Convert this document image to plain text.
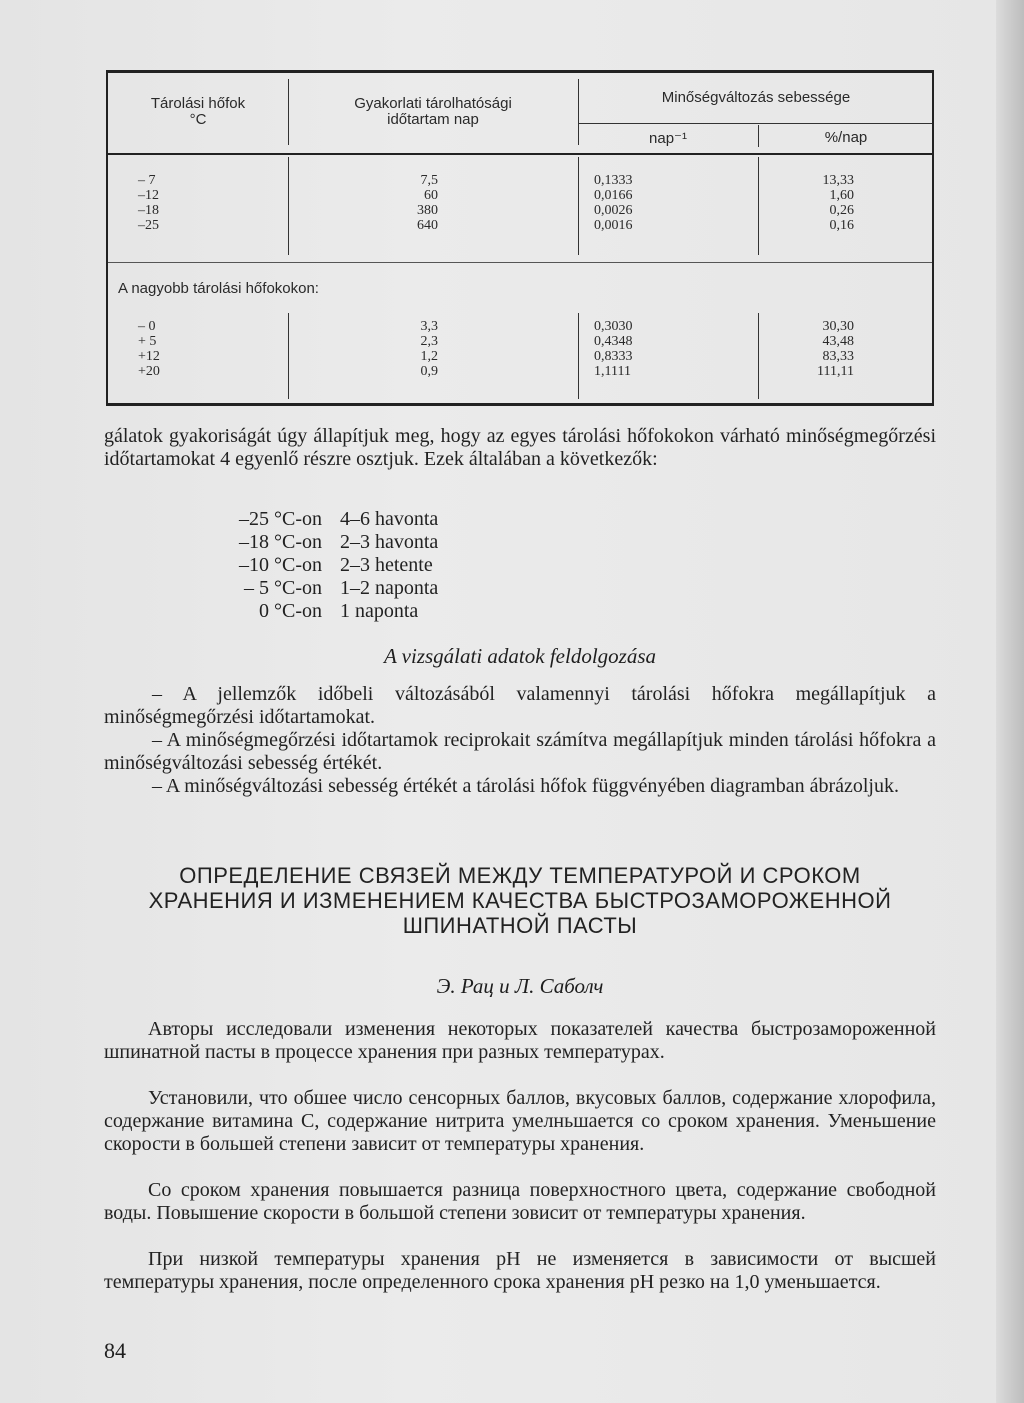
Tárolási hőfok
°C
Gyakorlati tárolhatósági
időtartam nap
Minőségváltozás sebessége
nap⁻¹	%/nap
– 7
–12
–18
–25
7,5
60
380
640
0,1333
0,0166
0,0026
0,0016
13,33
1,60
0,26
0,16
A nagyobb tárolási hőfokokon:
– 0
+ 5
+12
+20
3,3
2,3
1,2
0,9
0,3030
0,4348
0,8333
1,1111
30,30
43,48
83,33
111,11
gálatok gyakoriságát úgy állapítjuk meg, hogy az egyes tárolási hőfokokon várható minőségmegőrzési időtartamokat 4 egyenlő részre osztjuk. Ezek általában a következők:
–25 °C-on 4–6 havonta
–18 °C-on 2–3 havonta
–10 °C-on 2–3 hetente
– 5 °C-on 1–2 naponta
0 °C-on 1 naponta
A vizsgálati adatok feldolgozása
– A jellemzők időbeli változásából valamennyi tárolási hőfokra megállapítjuk a minőségmegőrzési időtartamokat.
– A minőségmegőrzési időtartamok reciprokait számítva megállapítjuk minden tárolási hőfokra a minőségváltozási sebesség értékét.
– A minőségváltozási sebesség értékét a tárolási hőfok függvényében diagramban ábrázoljuk.
ОПРЕДЕЛЕНИЕ СВЯЗЕЙ МЕЖДУ ТЕМПЕРАТУРОЙ И СРОКОМ
ХРАНЕНИЯ И ИЗМЕНЕНИЕМ КАЧЕСТВА БЫСТРОЗАМОРОЖЕННОЙ
ШПИНАТНОЙ ПАСТЫ
Э. Рац и Л. Саболч
Авторы исследовали изменения некоторых показателей качества быстрозамороженной шпинатной пасты в процессе хранения при разных температурах.
Установили, что обшее число сенсорных баллов, вкусовых баллов, содержание хлорофила, содержание витамина С, содержание нитрита умелньшается со сроком хранения. Уменьшение скорости в большей степени зависит от температуры хранения.
Со сроком хранения повышается разница поверхностного цвета, содержание свободной воды. Повышение скорости в большой степени зовисит от температуры хранения.
При низкой температуры хранения pH не изменяется в зависимости от высшей температуры хранения, после определенного срока хранения pH резко на 1,0 уменьшается.
84
